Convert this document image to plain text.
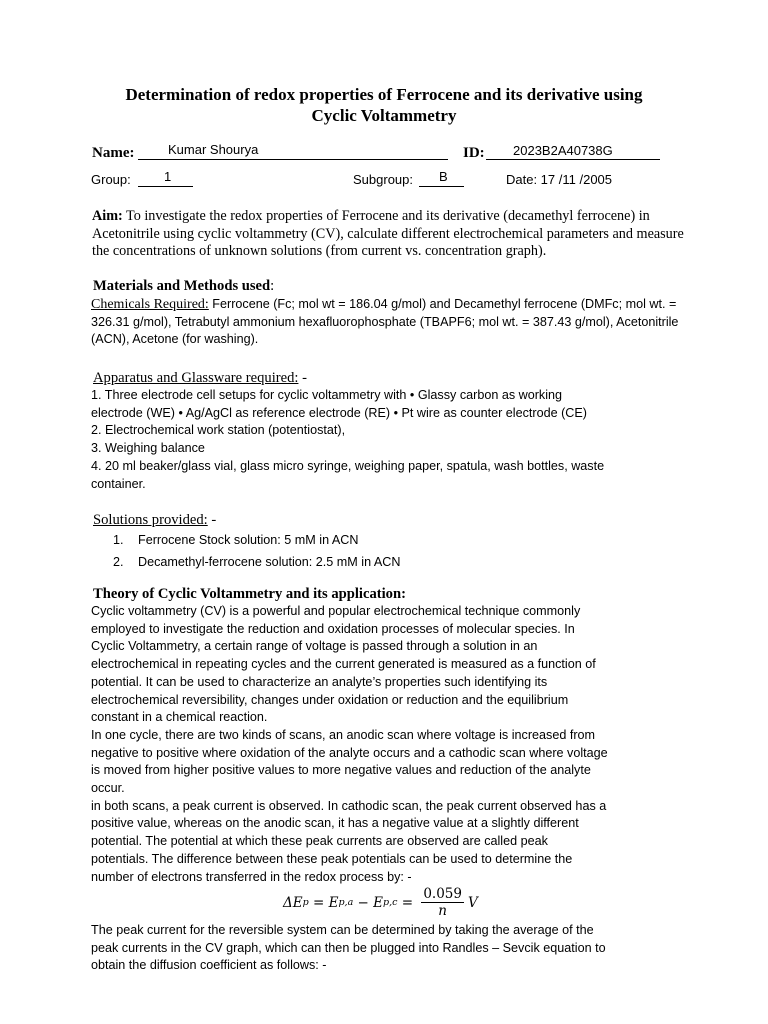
Determination of redox properties of Ferrocene and its derivative using
Cyclic Voltammetry
Name:	Kumar Shourya	ID: 2023B2A40738G
Group:	1	Subgroup: B	Date: 17 /11 /2005
Aim: To investigate the redox properties of Ferrocene and its derivative (decamethyl ferrocene) in Acetonitrile using cyclic voltammetry (CV), calculate different electrochemical parameters and measure the concentrations of unknown solutions (from current vs. concentration graph).
Materials and Methods used:
Chemicals Required: Ferrocene (Fc; mol wt = 186.04 g/mol) and Decamethyl ferrocene (DMFc; mol wt. = 326.31 g/mol), Tetrabutyl ammonium hexafluorophosphate (TBAPF6; mol wt. = 387.43 g/mol), Acetonitrile (ACN), Acetone (for washing).
Apparatus and Glassware required: -
1. Three electrode cell setups for cyclic voltammetry with • Glassy carbon as working
electrode (WE) • Ag/AgCl as reference electrode (RE) • Pt wire as counter electrode (CE)
2. Electrochemical work station (potentiostat),
3. Weighing balance
4. 20 ml beaker/glass vial, glass micro syringe, weighing paper, spatula, wash bottles, waste
container.
Solutions provided: -
1.	Ferrocene Stock solution: 5 mM in ACN
2.	Decamethyl-ferrocene solution: 2.5 mM in ACN
Theory of Cyclic Voltammetry and its application:
Cyclic voltammetry (CV) is a powerful and popular electrochemical technique commonly
employed to investigate the reduction and oxidation processes of molecular species. In
Cyclic Voltammetry, a certain range of voltage is passed through a solution in an
electrochemical in repeating cycles and the current generated is measured as a function of
potential. It can be used to characterize an analyte’s properties such identifying its
electrochemical reversibility, changes under oxidation or reduction and the equilibrium
constant in a chemical reaction.
In one cycle, there are two kinds of scans, an anodic scan where voltage is increased from
negative to positive where oxidation of the analyte occurs and a cathodic scan where voltage
is moved from higher positive values to more negative values and reduction of the analyte
occur.
in both scans, a peak current is observed. In cathodic scan, the peak current observed has a
positive value, whereas on the anodic scan, it has a negative value at a slightly different
potential. The potential at which these peak currents are observed are called peak
potentials. The difference between these peak potentials can be used to determine the
number of electrons transferred in the redox process by: -
ΔE p = E p,a − E $p,c = \frac{0.059}{n}$ V
The peak current for the reversible system can be determined by taking the average of the
peak currents in the CV graph, which can then be plugged into Randles – Sevcik equation to
obtain the diffusion coefficient as follows: -
